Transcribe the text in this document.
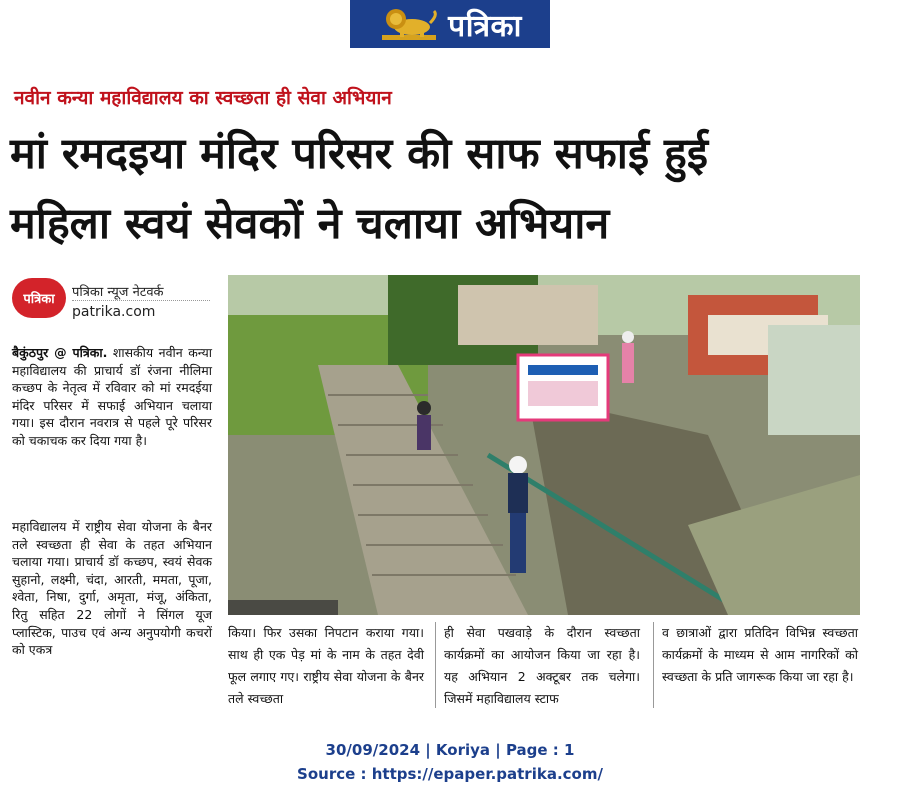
पत्रिका
नवीन कन्या महाविद्यालय का स्वच्छता ही सेवा अभियान
मां रमदइया मंदिर परिसर की साफ सफाई हुई
महिला स्वयं सेवकों ने चलाया अभियान
पत्रिका	पत्रिका न्यूज नेटवर्क
patrika.com
बैकुंठपुर @ पत्रिका. शासकीय नवीन कन्या महाविद्यालय की प्राचार्य डॉ रंजना नीलिमा कच्छप के नेतृत्व में रविवार को मां रमदईया मंदिर परिसर में सफाई अभियान चलाया गया। इस दौरान नवरात्र से पहले पूरे परिसर को चकाचक कर दिया गया है।
महाविद्यालय में राष्ट्रीय सेवा योजना के बैनर तले स्वच्छता ही सेवा के तहत अभियान चलाया गया। प्राचार्य डॉ कच्छप, स्वयं सेवक सुहानो, लक्ष्मी, चंदा, आरती, ममता, पूजा, श्वेता, निषा, दुर्गा, अमृता, मंजू, अंकिता, रितु सहित 22 लोगों ने सिंगल यूज प्लास्टिक, पाउच एवं अन्य अनुपयोगी कचरों को एकत्र
किया। फिर उसका निपटान कराया गया। साथ ही एक पेड़ मां के नाम के तहत देवी फूल लगाए गए। राष्ट्रीय सेवा योजना के बैनर तले स्वच्छता
ही सेवा पखवाड़े के दौरान स्वच्छता कार्यक्रमों का आयोजन किया जा रहा है। यह अभियान 2 अक्टूबर तक चलेगा। जिसमें महाविद्यालय स्टाफ
व छात्राओं द्वारा प्रतिदिन विभिन्न स्वच्छता कार्यक्रमों के माध्यम से आम नागरिकों को स्वच्छता के प्रति जागरूक किया जा रहा है।
30/09/2024 | Koriya | Page : 1
Source : https://epaper.patrika.com/
